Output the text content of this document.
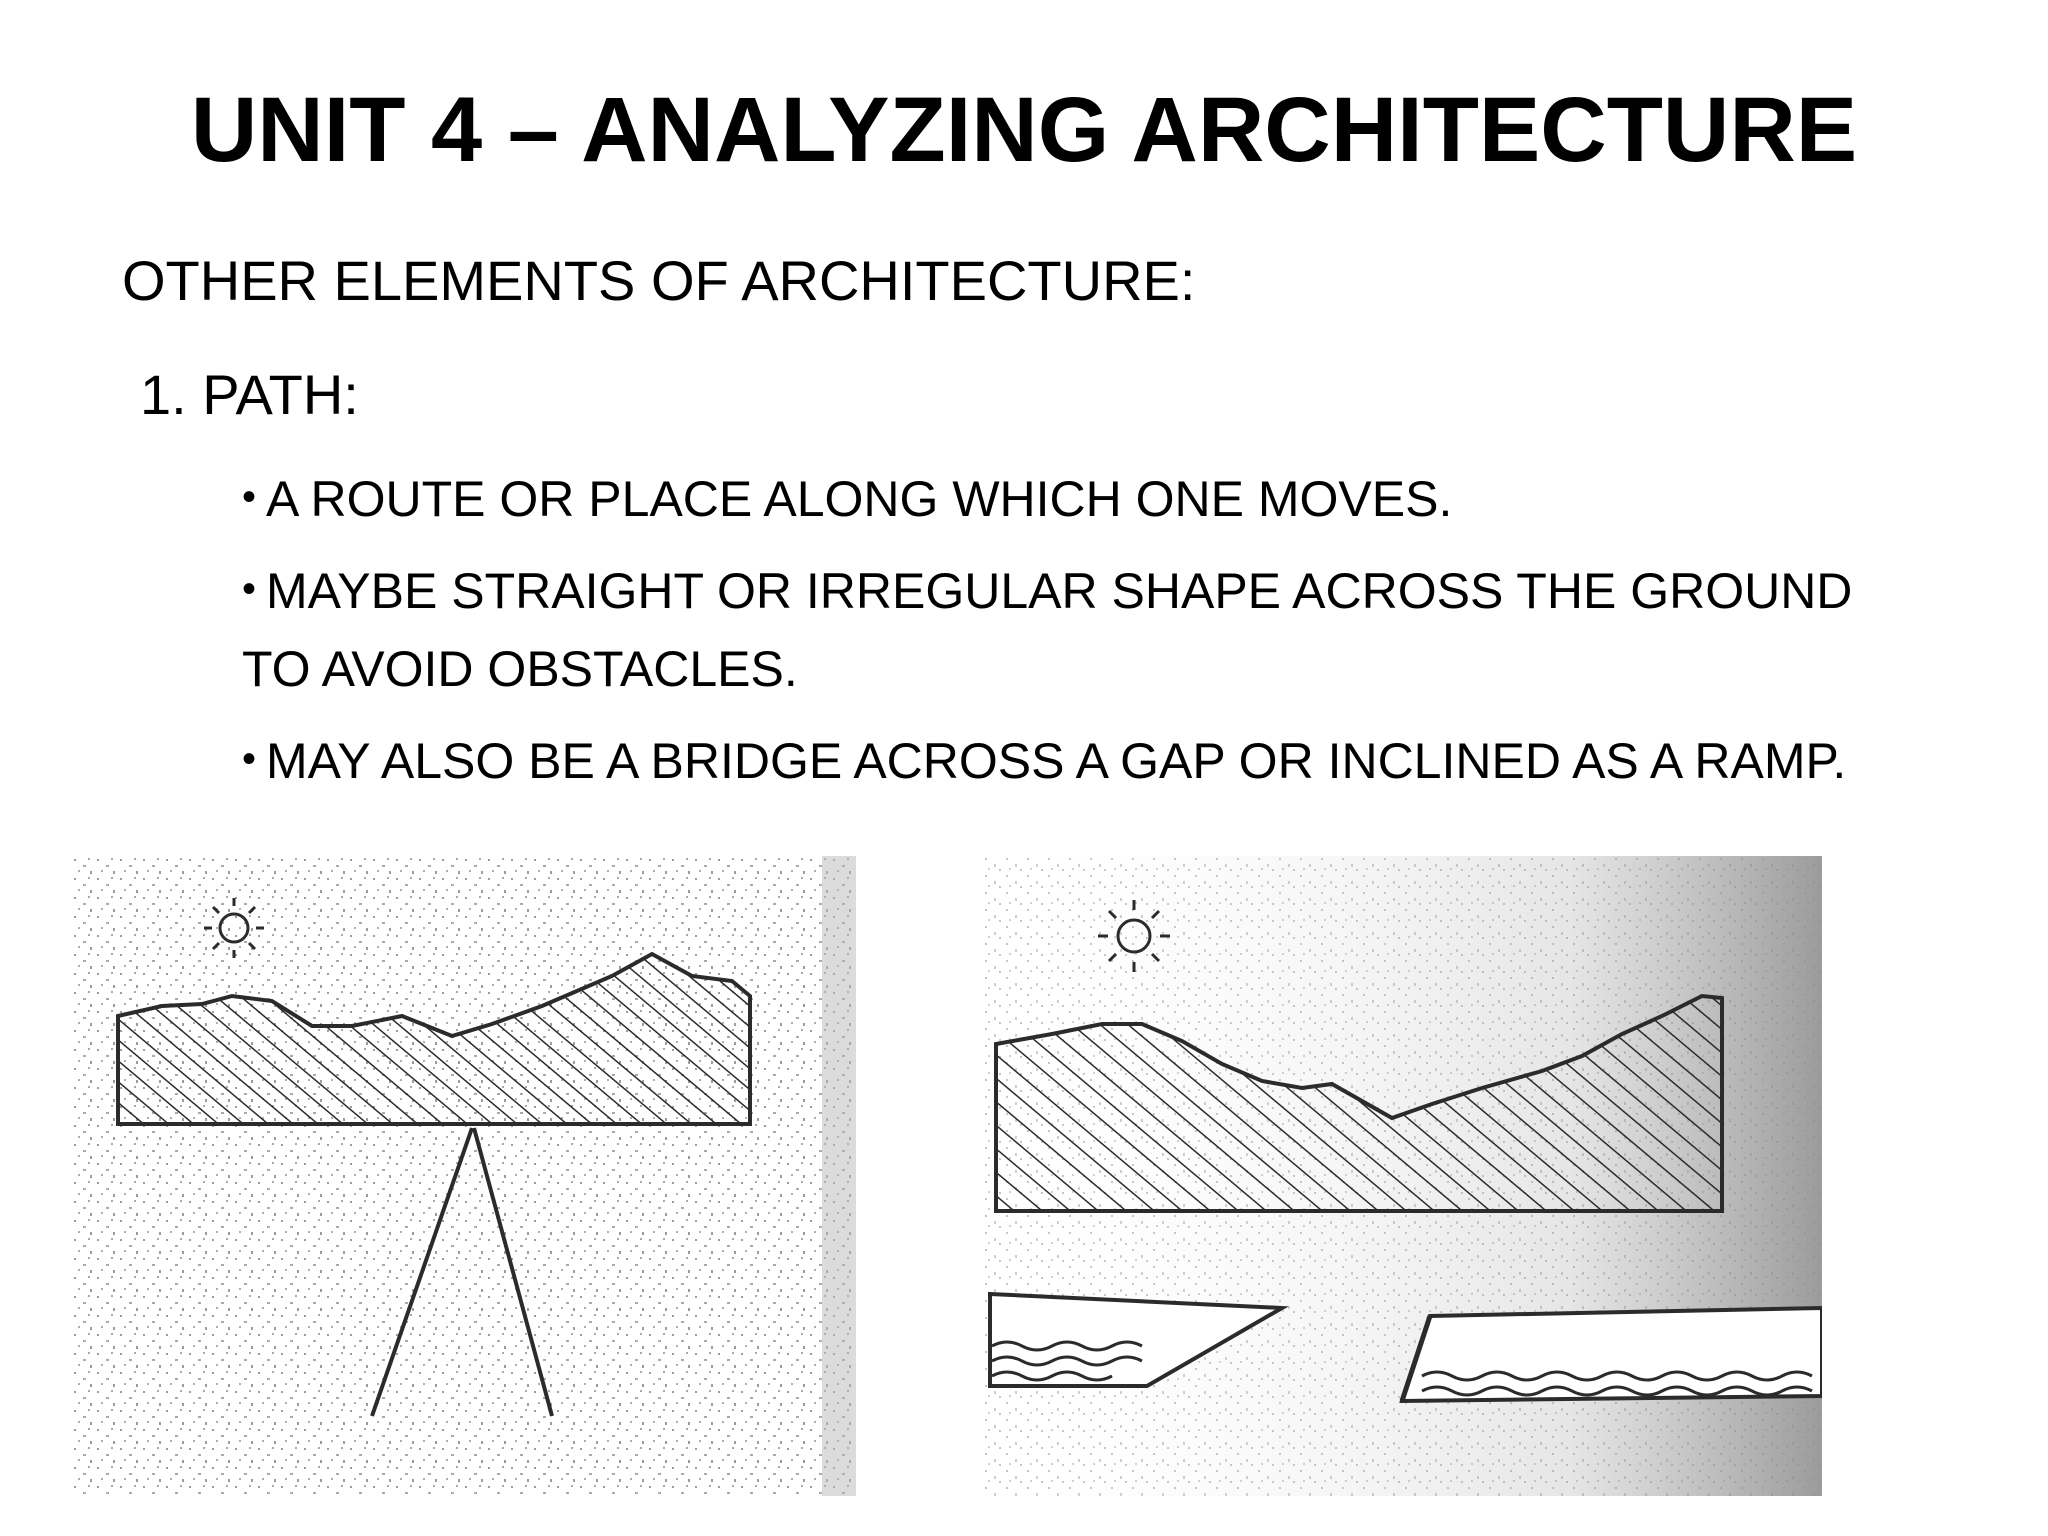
UNIT 4 – ANALYZING ARCHITECTURE
OTHER ELEMENTS OF ARCHITECTURE:
1. PATH:
• A ROUTE OR PLACE ALONG WHICH ONE MOVES.
• MAYBE STRAIGHT OR IRREGULAR SHAPE ACROSS THE GROUND TO AVOID OBSTACLES.
• MAY ALSO BE A BRIDGE ACROSS A GAP OR INCLINED AS A RAMP.
